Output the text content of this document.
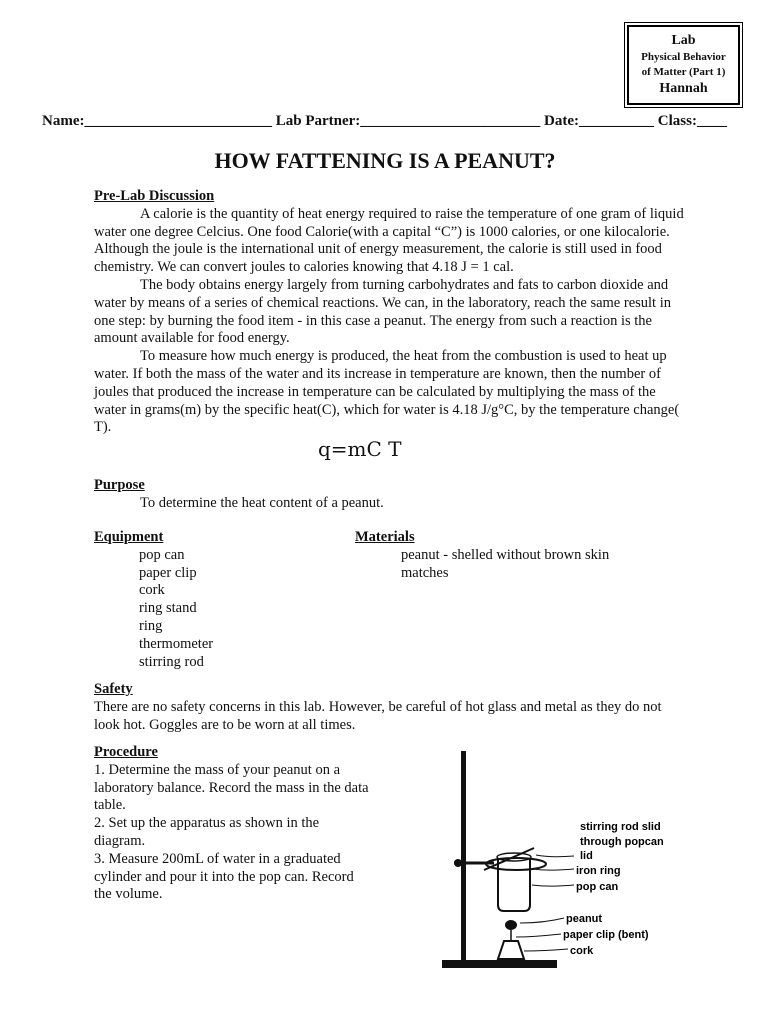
Lab
Physical Behavior
of Matter (Part 1)
Hannah
Name:_________________________ Lab Partner:________________________ Date:__________ Class:____
HOW FATTENING IS A PEANUT?
Pre-Lab Discussion

A calorie is the quantity of heat energy required to raise the temperature of one gram of liquid water one degree Celcius. One food Calorie(with a capital “C”) is 1000 calories, or one kilocalorie. Although the joule is the international unit of energy measurement, the calorie is still used in food chemistry. We can convert joules to calories knowing that 4.18 J = 1 cal.

The body obtains energy largely from turning carbohydrates and fats to carbon dioxide and water by means of a series of chemical reactions. We can, in the laboratory, reach the same result in one step: by burning the food item - in this case a peanut. The energy from such a reaction is the amount available for food energy.

To measure how much energy is produced, the heat from the combustion is used to heat up water. If both the mass of the water and its increase in temperature are known, then the number of joules that produced the increase in temperature can be calculated by multiplying the mass of the water in grams(m) by the specific heat(C), which for water is 4.18 J/g°C, by the temperature change( T).

q=mC T
Purpose
To determine the heat content of a peanut.
Equipment
pop can
paper clip
cork
ring stand
ring
thermometer
stirring rod
Materials
peanut - shelled without brown skin
matches
Safety
There are no safety concerns in this lab. However, be careful of hot glass and metal as they do not look hot. Goggles are to be worn at all times.
Procedure
1. Determine the mass of your peanut on a laboratory balance. Record the mass in the data table.
2. Set up the apparatus as shown in the diagram.
3. Measure 200mL of water in a graduated cylinder and pour it into the pop can. Record the volume.
stirring rod slid
through popcan
lid
iron ring
pop can
peanut
paper clip (bent)
cork
